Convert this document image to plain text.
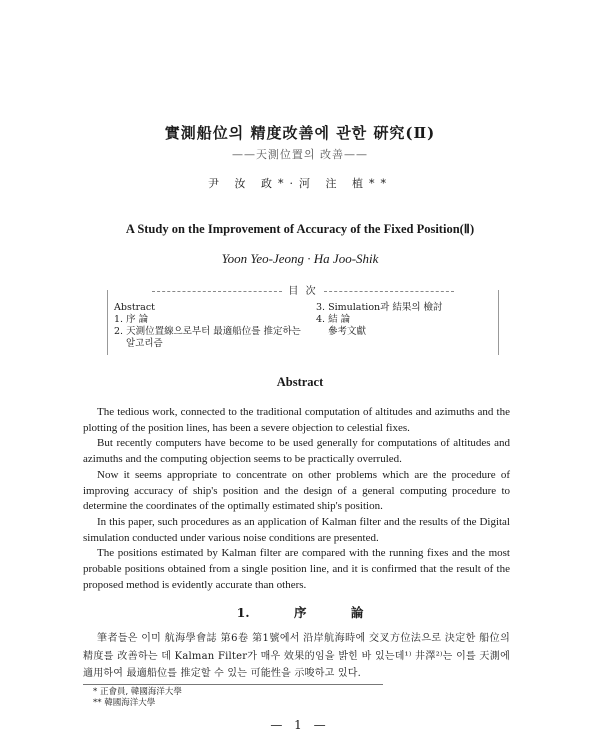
實測船位의 精度改善에 관한 硏究(Ⅱ)
——天測位置의 改善——
尹 汝 政*·河 注 植**
A Study on the Improvement of Accuracy of the Fixed Position(Ⅱ)
Yoon Yeo-Jeong · Ha Joo-Shik
目 次
Abstract
1. 序 論
2. 天測位置線으로부터 最適船位를 推定하는
알고리즘
3. Simulation과 結果의 檢討
4. 結 論
參考文獻
Abstract

The tedious work, connected to the traditional computation of altitudes and azimuths and the plotting of the position lines, has been a severe objection to celestial fixes.

But recently computers have become to be used generally for computations of altitudes and azimuths and the computing objection seems to be practically overruled.

Now it seems appropriate to concentrate on other problems which are the procedure of improving accuracy of ship's position and the design of a general computing procedure to determine the coordinates of the optimally estimated ship's position.

In this paper, such procedures as an application of Kalman filter and the results of the Digital simulation conducted under various noise conditions are presented.

The positions estimated by Kalman filter are compared with the running fixes and the most probable positions obtained from a single position line, and it is confirmed that the result of the proposed method is evidently accurate than others.

1. 序 論
筆者들은 이미 航海學會誌 第6卷 第1號에서 沿岸航海時에 交叉方位法으로 決定한 船位의 精度를 改善하는 데 Kalman Filter가 매우 效果的임을 밝힌 바 있는데¹⁾ 井澤²⁾는 이를 天測에 適用하여 最適船位를 推定할 수 있는 可能性을 示唆하고 있다.
* 正會員, 韓國海洋大學
** 韓國海洋大學
— 1 —
